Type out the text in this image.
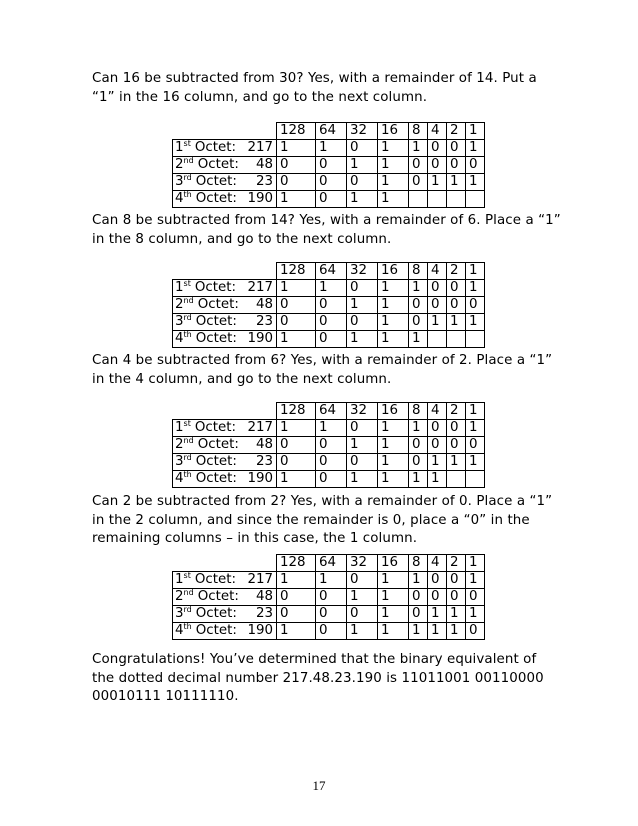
Can 16 be subtracted from 30? Yes, with a remainder of 14. Put a “1” in the 16 column, and go to the next column.
	128	64	32	16	8	4	2	1

1st Octet: 217	1	1	0	1	1	0	0	1

2nd Octet: 48	0	0	1	1	0	0	0	0

3rd Octet: 23	0	0	0	1	0	1	1	1

4th Octet: 190	1	0	1	1				
Can 8 be subtracted from 14? Yes, with a remainder of 6. Place a “1” in the 8 column, and go to the next column.
	128	64	32	16	8	4	2	1

1st Octet: 217	1	1	0	1	1	0	0	1

2nd Octet: 48	0	0	1	1	0	0	0	0

3rd Octet: 23	0	0	0	1	0	1	1	1

4th Octet: 190	1	0	1	1	1			
Can 4 be subtracted from 6? Yes, with a remainder of 2. Place a “1” in the 4 column, and go to the next column.
	128	64	32	16	8	4	2	1

1st Octet: 217	1	1	0	1	1	0	0	1

2nd Octet: 48	0	0	1	1	0	0	0	0

3rd Octet: 23	0	0	0	1	0	1	1	1

4th Octet: 190	1	0	1	1	1	1		
Can 2 be subtracted from 2? Yes, with a remainder of 0. Place a “1” in the 2 column, and since the remainder is 0, place a “0” in the remaining columns – in this case, the 1 column.
	128	64	32	16	8	4	2	1

1st Octet: 217	1	1	0	1	1	0	0	1

2nd Octet: 48	0	0	1	1	0	0	0	0

3rd Octet: 23	0	0	0	1	0	1	1	1

4th Octet: 190	1	0	1	1	1	1	1	0
Congratulations! You’ve determined that the binary equivalent of the dotted decimal number 217.48.23.190 is 11011001 00110000 00010111 10111110.
17
